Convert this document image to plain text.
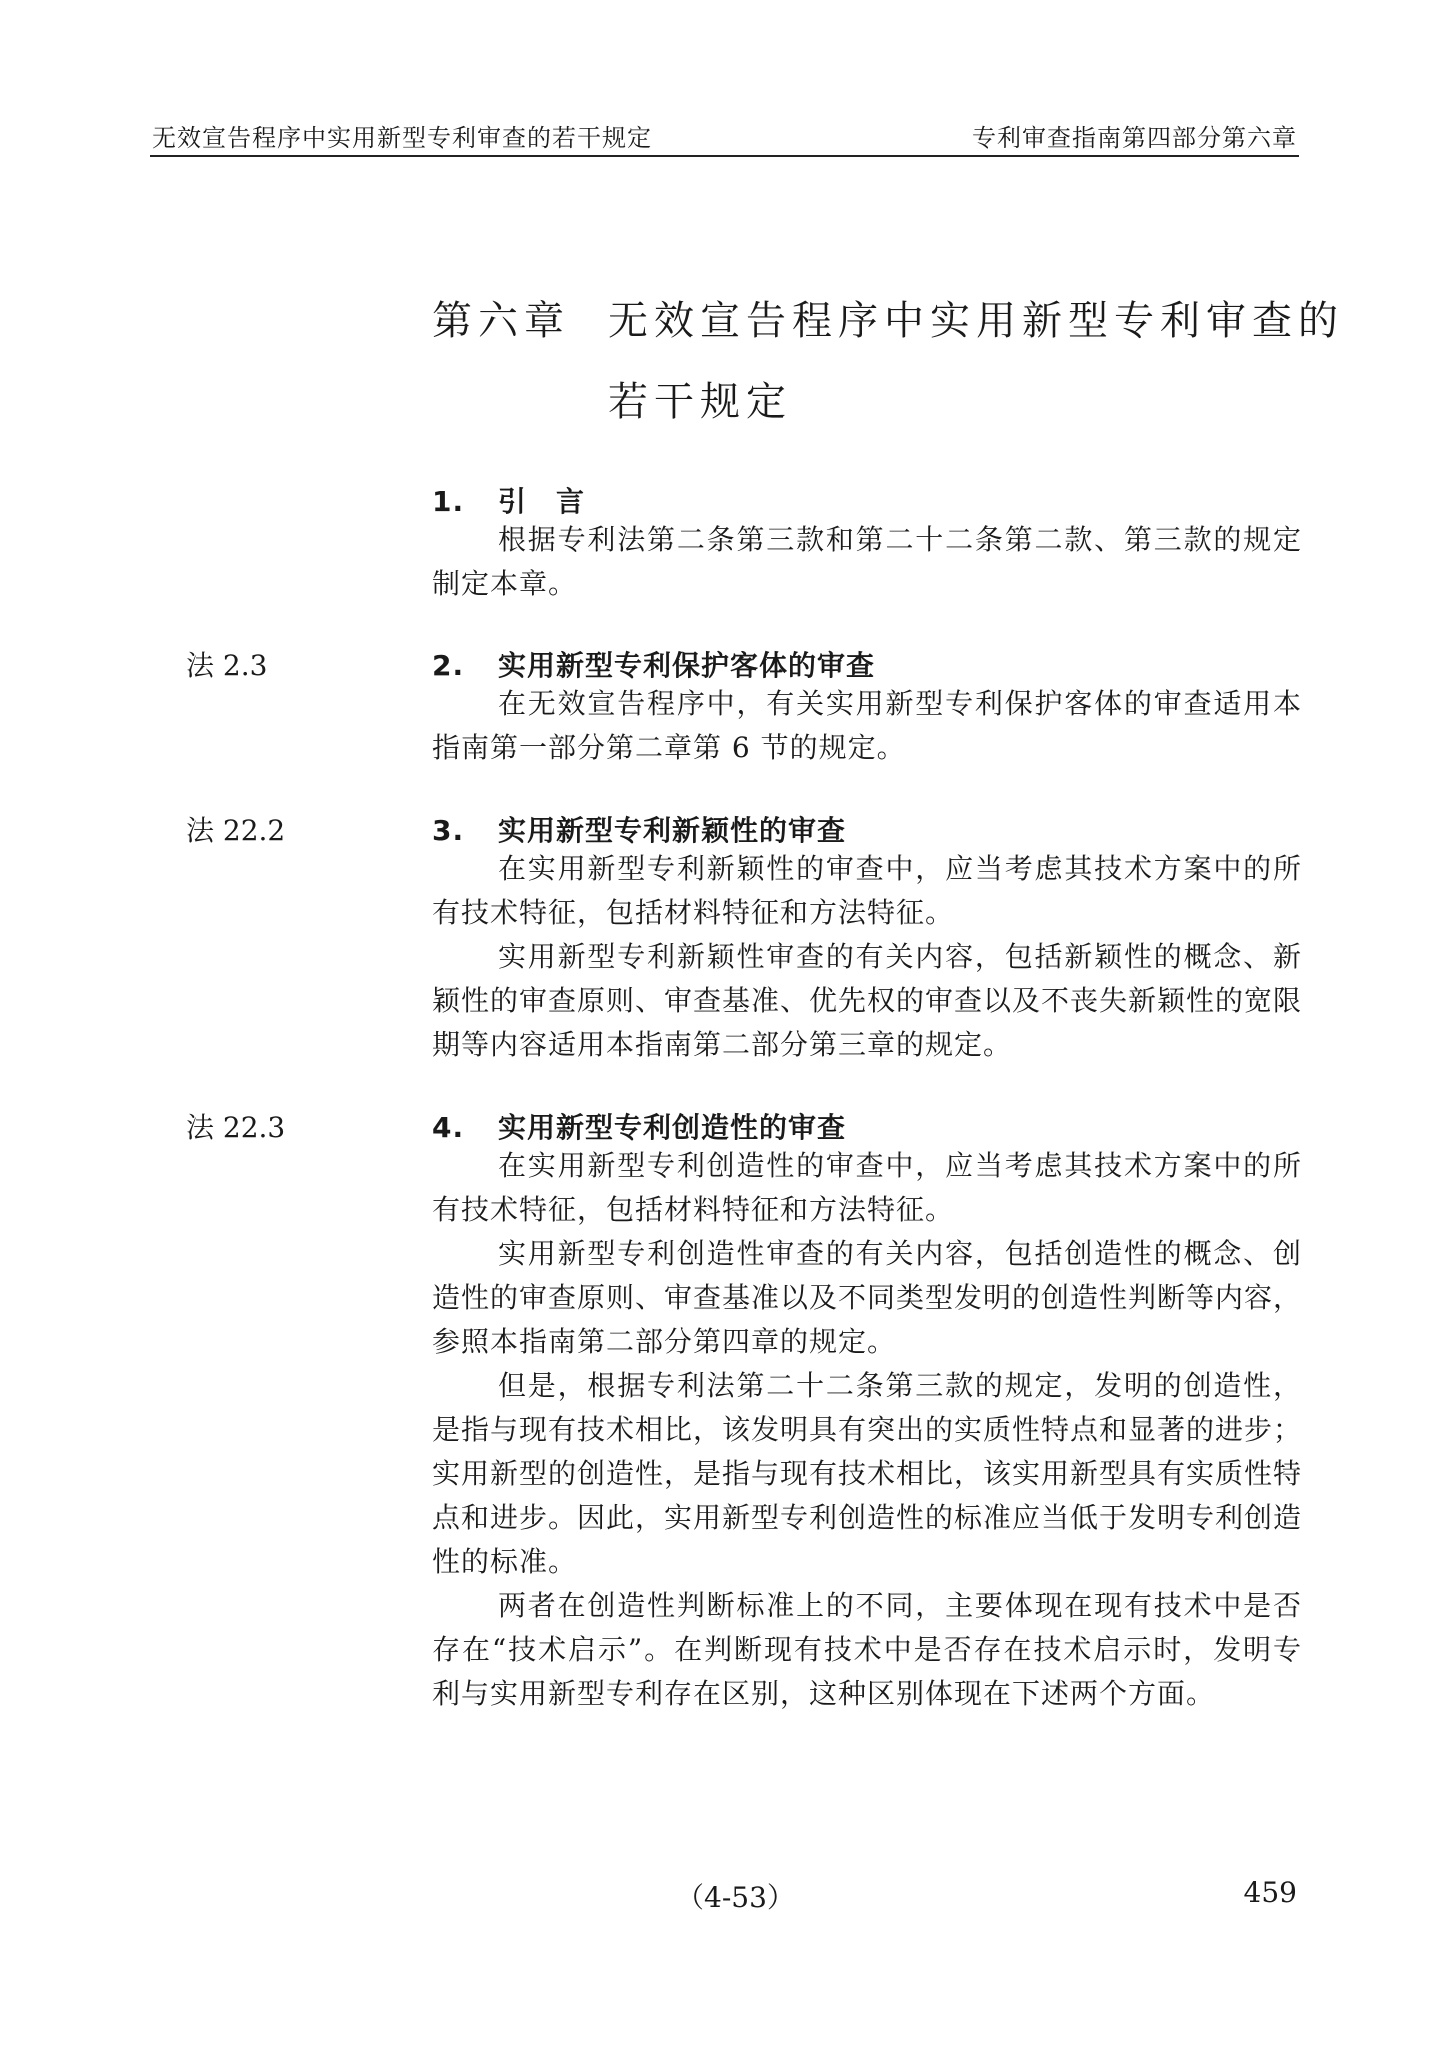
无效宣告程序中实用新型专利审查的若干规定	专利审查指南第四部分第六章
第六章 无效宣告程序中实用新型专利审查的
若干规定
1. 引　言
根据专利法第二条第三款和第二十二条第二款、第三款的规定制定本章。
法 2.3	2. 实用新型专利保护客体的审查
在无效宣告程序中，有关实用新型专利保护客体的审查适用本指南第一部分第二章第 6 节的规定。
法 22.2	3. 实用新型专利新颖性的审查
在实用新型专利新颖性的审查中，应当考虑其技术方案中的所有技术特征，包括材料特征和方法特征。
实用新型专利新颖性审查的有关内容，包括新颖性的概念、新颖性的审查原则、审查基准、优先权的审查以及不丧失新颖性的宽限期等内容适用本指南第二部分第三章的规定。
法 22.3	4. 实用新型专利创造性的审查
在实用新型专利创造性的审查中，应当考虑其技术方案中的所有技术特征，包括材料特征和方法特征。
实用新型专利创造性审查的有关内容，包括创造性的概念、创造性的审查原则、审查基准以及不同类型发明的创造性判断等内容，参照本指南第二部分第四章的规定。
但是，根据专利法第二十二条第三款的规定，发明的创造性，是指与现有技术相比，该发明具有突出的实质性特点和显著的进步；实用新型的创造性，是指与现有技术相比，该实用新型具有实质性特点和进步。因此，实用新型专利创造性的标准应当低于发明专利创造性的标准。
两者在创造性判断标准上的不同，主要体现在现有技术中是否存在“技术启示”。在判断现有技术中是否存在技术启示时，发明专利与实用新型专利存在区别，这种区别体现在下述两个方面。
（4-53）	459
